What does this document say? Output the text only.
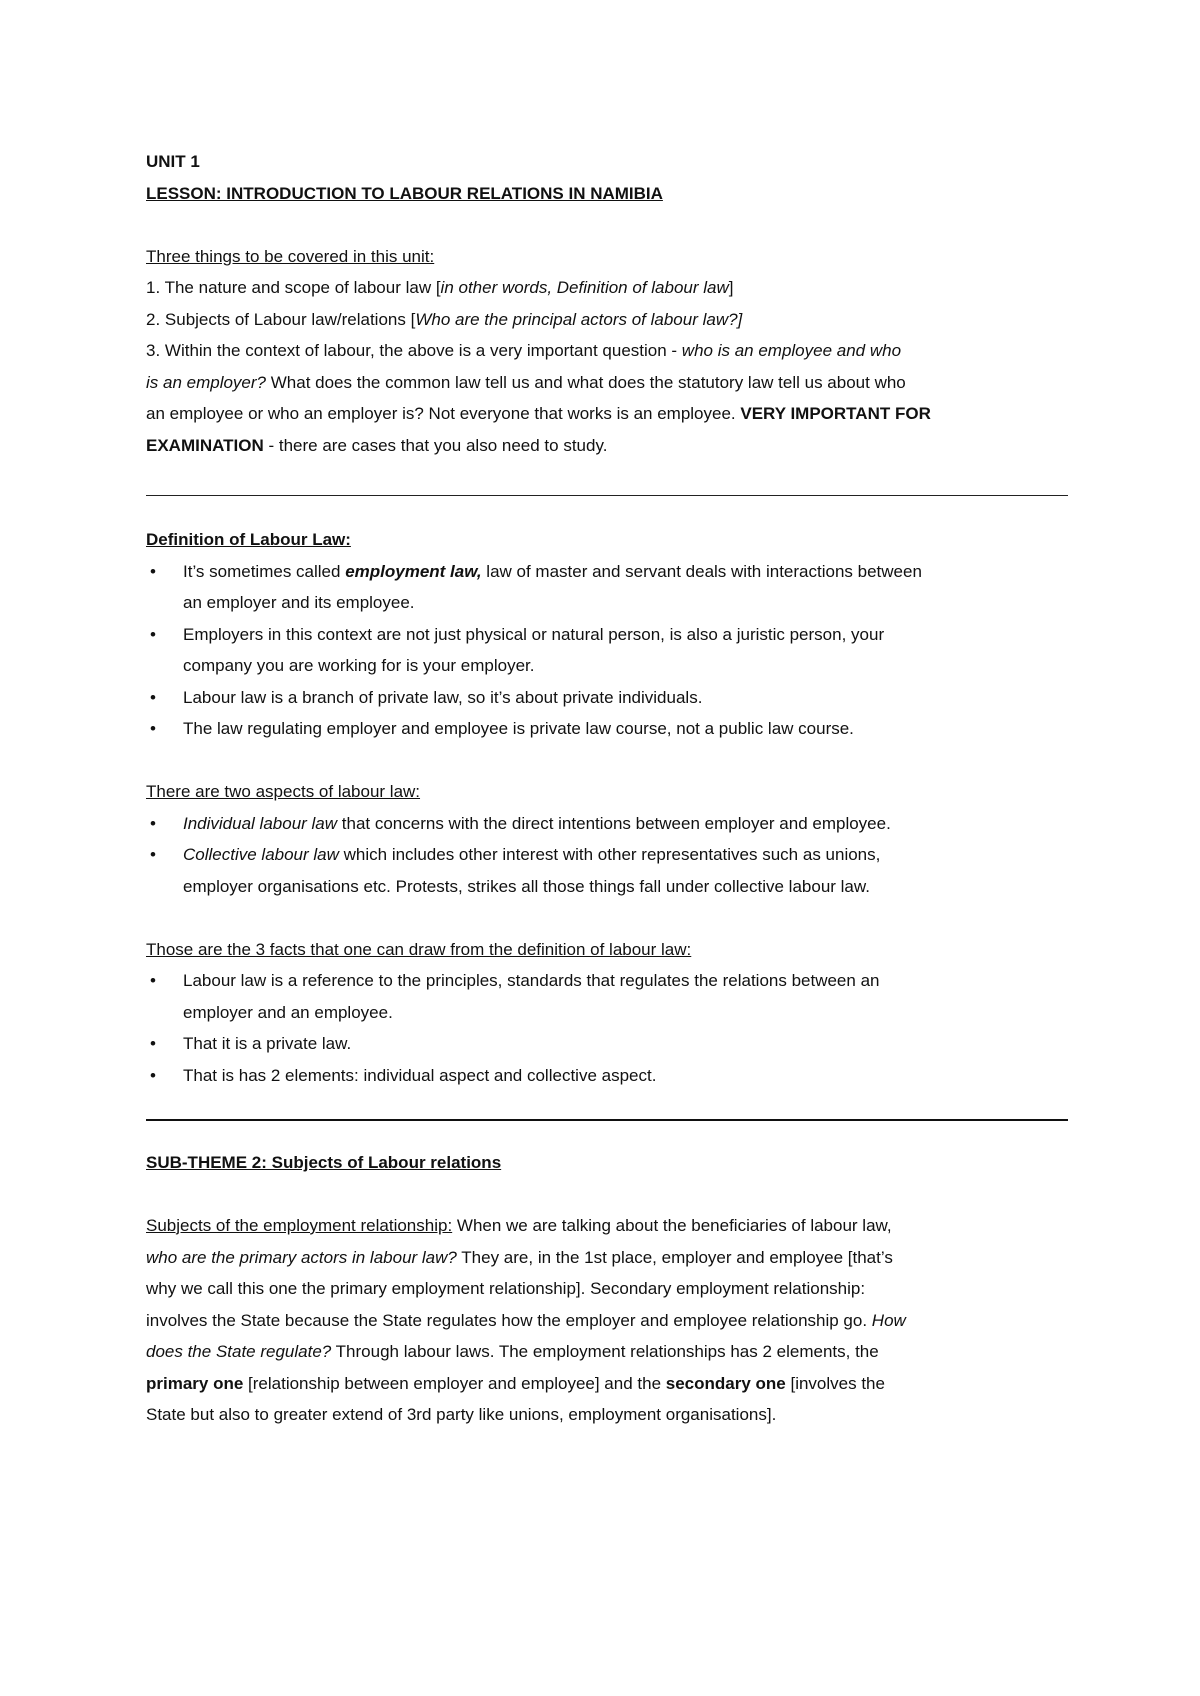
UNIT 1
LESSON: INTRODUCTION TO LABOUR RELATIONS IN NAMIBIA
Three things to be covered in this unit:
1. The nature and scope of labour law [in other words, Definition of labour law]
2. Subjects of Labour law/relations [Who are the principal actors of labour law?]
3. Within the context of labour, the above is a very important question - who is an employee and who
is an employer? What does the common law tell us and what does the statutory law tell us about who
an employee or who an employer is? Not everyone that works is an employee. VERY IMPORTANT FOR
EXAMINATION - there are cases that you also need to study.
Definition of Labour Law:
• It’s sometimes called employment law, law of master and servant deals with interactions between
an employer and its employee.
• Employers in this context are not just physical or natural person, is also a juristic person, your
company you are working for is your employer.
• Labour law is a branch of private law, so it’s about private individuals.
• The law regulating employer and employee is private law course, not a public law course.
There are two aspects of labour law:
• Individual labour law that concerns with the direct intentions between employer and employee.
• Collective labour law which includes other interest with other representatives such as unions,
employer organisations etc. Protests, strikes all those things fall under collective labour law.
Those are the 3 facts that one can draw from the definition of labour law:
• Labour law is a reference to the principles, standards that regulates the relations between an
employer and an employee.
• That it is a private law.
• That is has 2 elements: individual aspect and collective aspect.
SUB-THEME 2: Subjects of Labour relations
Subjects of the employment relationship: When we are talking about the beneficiaries of labour law,
who are the primary actors in labour law? They are, in the 1st place, employer and employee [that’s
why we call this one the primary employment relationship]. Secondary employment relationship:
involves the State because the State regulates how the employer and employee relationship go. How
does the State regulate? Through labour laws. The employment relationships has 2 elements, the
primary one [relationship between employer and employee] and the secondary one [involves the
State but also to greater extend of 3rd party like unions, employment organisations].
